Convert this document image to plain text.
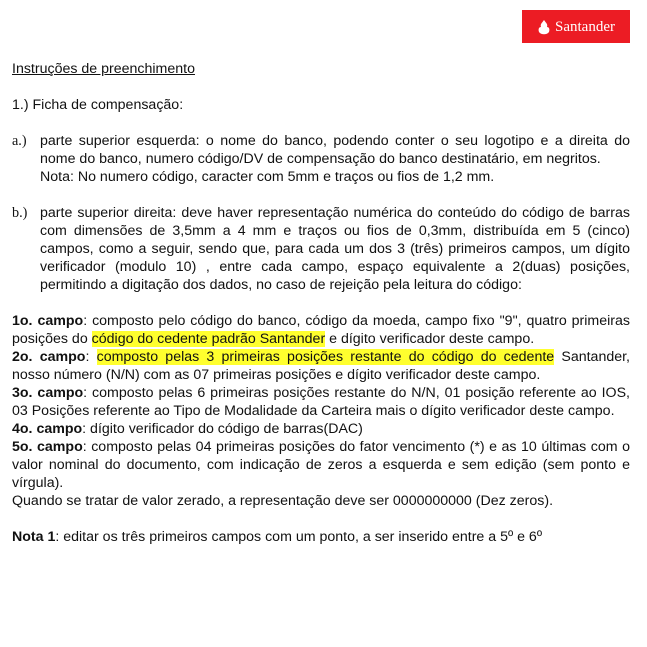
Santander

Instruções de preenchimento

1.) Ficha de compensação:

a.) parte superior esquerda: o nome do banco, podendo conter o seu logotipo e a direita do nome do banco, numero código/DV de compensação do banco destinatário, em negritos.

Nota: No numero código, caracter com 5mm e traços ou fios de 1,2 mm.

b.) parte superior direita: deve haver representação numérica do conteúdo do código de barras com dimensões de 3,5mm a 4 mm e traços ou fios de 0,3mm, distribuída em 5 (cinco) campos, como a seguir, sendo que, para cada um dos 3 (três) primeiros campos, um dígito verificador (modulo 10) , entre cada campo, espaço equivalente a 2(duas) posições, permitindo a digitação dos dados, no caso de rejeição pela leitura do código:

1o. campo: composto pelo código do banco, código da moeda, campo fixo "9", quatro primeiras posições do código do cedente padrão Santander e dígito verificador deste campo.

2o. campo: composto pelas 3 primeiras posições restante do código do cedente Santander, nosso número (N/N) com as 07 primeiras posições e dígito verificador deste campo.

3o. campo: composto pelas 6 primeiras posições restante do N/N, 01 posição referente ao IOS, 03 Posições referente ao Tipo de Modalidade da Carteira mais o dígito verificador deste campo.

4o. campo: dígito verificador do código de barras(DAC)

5o. campo: composto pelas 04 primeiras posições do fator vencimento (*) e as 10 últimas com o valor nominal do documento, com indicação de zeros a esquerda e sem edição (sem ponto e vírgula).

Quando se tratar de valor zerado, a representação deve ser 0000000000 (Dez zeros).

Nota 1: editar os três primeiros campos com um ponto, a ser inserido entre a 5º e 6º
